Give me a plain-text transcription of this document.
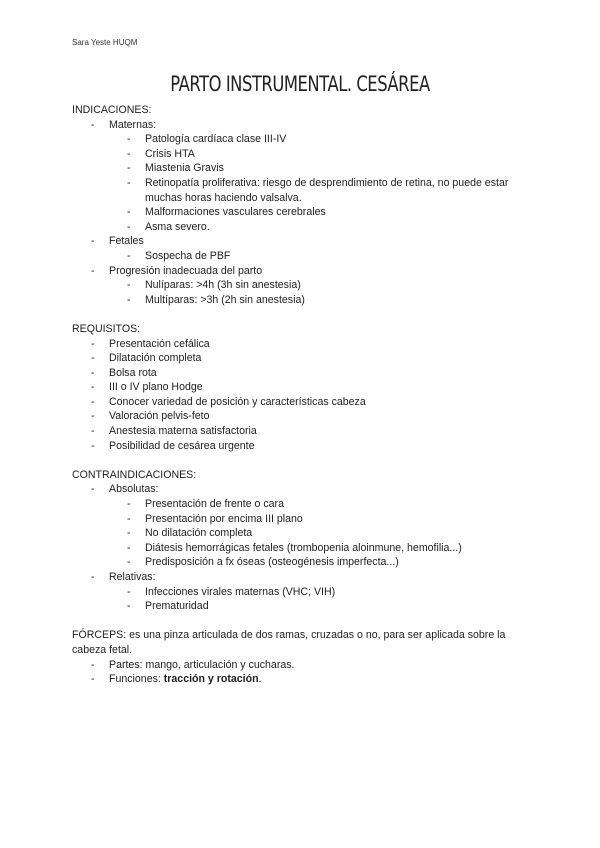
Sara Yeste HUQM
PARTO INSTRUMENTAL. CESÁREA
INDICACIONES:
- Maternas:
- Patología cardíaca clase III-IV
- Crisis HTA
- Miastenia Gravis
- Retinopatía proliferativa: riesgo de desprendimiento de retina, no puede estar muchas horas haciendo valsalva.
- Malformaciones vasculares cerebrales
- Asma severo.
- Fetales
- Sospecha de PBF
- Progresión inadecuada del parto
- Nulíparas: >4h (3h sin anestesia)
- Multíparas: >3h (2h sin anestesia)
REQUISITOS:
- Presentación cefálica
- Dilatación completa
- Bolsa rota
- III o IV plano Hodge
- Conocer variedad de posición y características cabeza
- Valoración pelvis-feto
- Anestesia materna satisfactoria
- Posibilidad de cesárea urgente
CONTRAINDICACIONES:
- Absolutas:
- Presentación de frente o cara
- Presentación por encima III plano
- No dilatación completa
- Diátesis hemorrágicas fetales (trombopenia aloinmune, hemofilia...)
- Predisposición a fx óseas (osteogénesis imperfecta...)
- Relativas:
- Infecciones virales maternas (VHC; VIH)
- Prematuridad
FÓRCEPS: es una pinza articulada de dos ramas, cruzadas o no, para ser aplicada sobre la cabeza fetal.
- Partes: mango, articulación y cucharas.
- Funciones: tracción y rotación.
